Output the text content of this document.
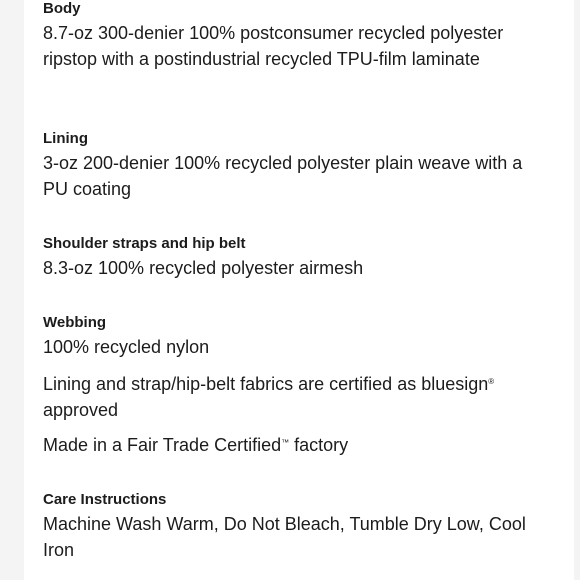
Body

8.7-oz 300-denier 100% postconsumer recycled polyester ripstop with a postindustrial recycled TPU-film laminate

Lining

3-oz 200-denier 100% recycled polyester plain weave with a PU coating

Shoulder straps and hip belt

8.3-oz 100% recycled polyester airmesh

Webbing

100% recycled nylon

Lining and strap/hip-belt fabrics are certified as bluesign®
approved

Made in a Fair Trade Certified™ factory

Care Instructions

Machine Wash Warm, Do Not Bleach, Tumble Dry Low, Cool Iron
